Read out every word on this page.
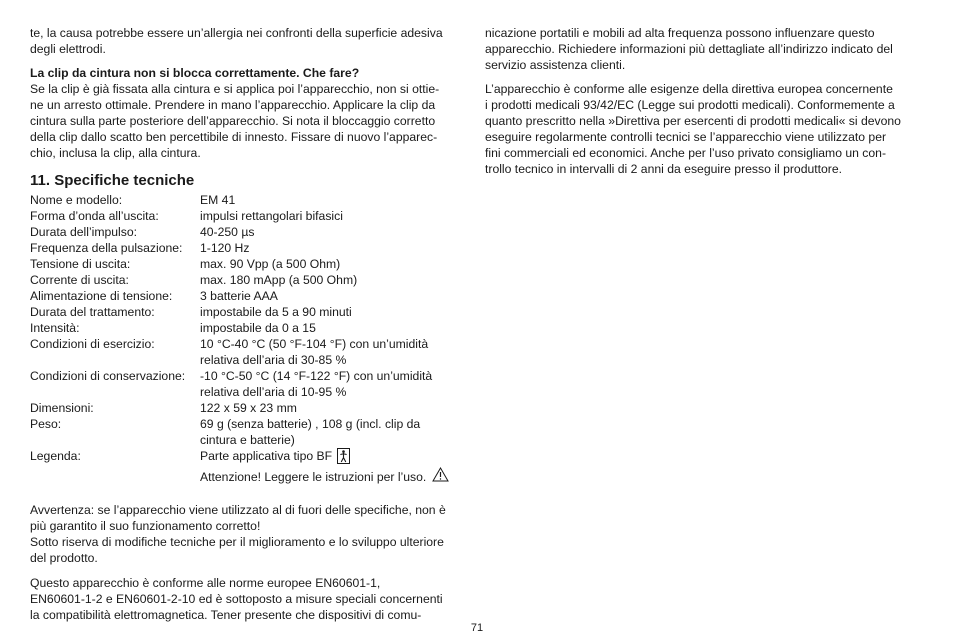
te, la causa potrebbe essere un’allergia nei confronti della superficie adesiva

degli elettrodi.

La clip da cintura non si blocca correttamente. Che fare?

Se la clip è già fissata alla cintura e si applica poi l’apparecchio, non si ottie-

ne un arresto ottimale. Prendere in mano l’apparecchio. Applicare la clip da

cintura sulla parte posteriore dell’apparecchio. Si nota il bloccaggio corretto

della clip dallo scatto ben percettibile di innesto. Fissare di nuovo l’apparec-

chio, inclusa la clip, alla cintura.

11. Specifiche tecniche
Nome e modello:	EM 41
Forma d’onda all’uscita:	impulsi rettangolari bifasici
Durata dell’impulso:	40-250 µs
Frequenza della pulsazione:	1-120 Hz
Tensione di uscita:	max. 90 Vpp (a 500 Ohm)
Corrente di uscita:	max. 180 mApp (a 500 Ohm)
Alimentazione di tensione:	3 batterie AAA
Durata del trattamento:	impostabile da 5 a 90 minuti
Intensità:	impostabile da 0 a 15
Condizioni di esercizio:	10 °C-40 °C (50 °F-104 °F) con un’umidità
relativa dell’aria di 30-85 %
Condizioni di conservazione:	-10 °C-50 °C (14 °F-122 °F) con un’umidità
relativa dell’aria di 10-95 %
Dimensioni:	122 x 59 x 23 mm
Peso:	69 g (senza batterie) , 108 g (incl. clip da
cintura e batterie)
Legenda:	Parte applicativa tipo BF
Attenzione! Leggere le istruzioni per l’uso.

Avvertenza: se l’apparecchio viene utilizzato al di fuori delle specifiche, non è

più garantito il suo funzionamento corretto!

Sotto riserva di modifiche tecniche per il miglioramento e lo sviluppo ulteriore

del prodotto.

Questo apparecchio è conforme alle norme europee EN60601-1,

EN60601-1-2 e EN60601-2-10 ed è sottoposto a misure speciali concernenti

la compatibilità elettromagnetica. Tener presente che dispositivi di comu-

nicazione portatili e mobili ad alta frequenza possono influenzare questo

apparecchio. Richiedere informazioni più dettagliate all’indirizzo indicato del

servizio assistenza clienti.

L’apparecchio è conforme alle esigenze della direttiva europea concernente

i prodotti medicali 93/42/EC (Legge sui prodotti medicali). Conformemente a

quanto prescritto nella »Direttiva per esercenti di prodotti medicali« si devono

eseguire regolarmente controlli tecnici se l’apparecchio viene utilizzato per

fini commerciali ed economici. Anche per l’uso privato consigliamo un con-

trollo tecnico in intervalli di 2 anni da eseguire presso il produttore.

71
